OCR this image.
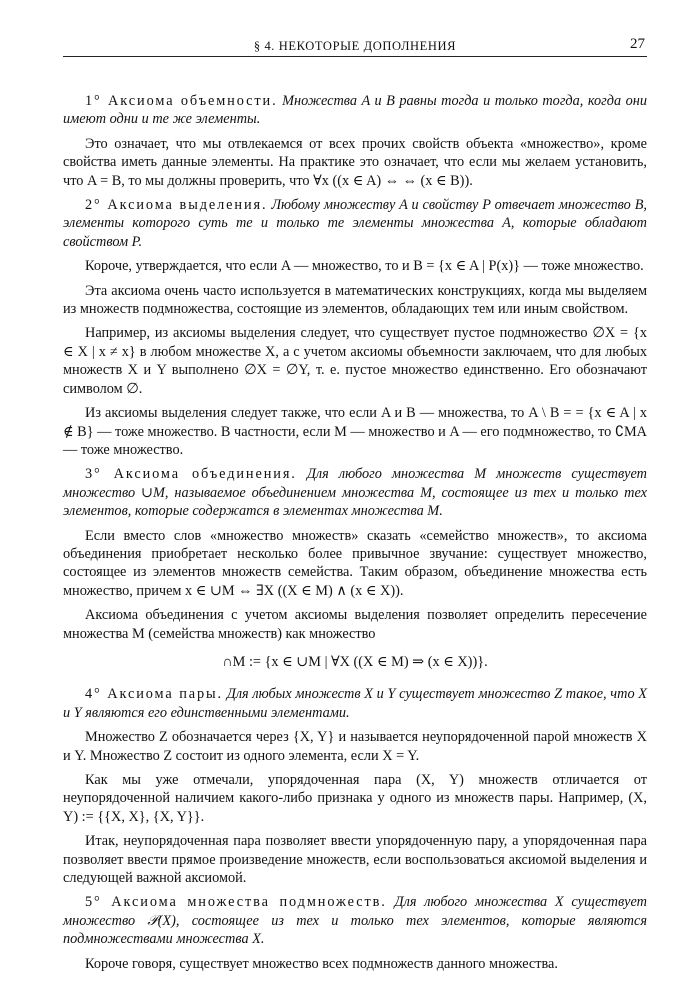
§ 4. НЕКОТОРЫЕ ДОПОЛНЕНИЯ	27

1° Аксиома объемности. Множества A и B равны тогда и только тогда, когда они имеют одни и те же элементы.

Это означает, что мы отвлекаемся от всех прочих свойств объекта «множество», кроме свойства иметь данные элементы. На практике это означает, что если мы желаем установить, что A = B, то мы должны проверить, что ∀x ((x ∈ A) ⇔ ⇔ (x ∈ B)).

2° Аксиома выделения. Любому множеству A и свойству P отвечает множество B, элементы которого суть те и только те элементы множества A, которые обладают свойством P.

Короче, утверждается, что если A — множество, то и B = {x ∈ A | P(x)} — тоже множество.

Эта аксиома очень часто используется в математических конструкциях, когда мы выделяем из множеств подмножества, состоящие из элементов, обладающих тем или иным свойством.

Например, из аксиомы выделения следует, что существует пустое подмножество ∅X = {x ∈ X | x ≠ x} в любом множестве X, а с учетом аксиомы объемности заключаем, что для любых множеств X и Y выполнено ∅X = ∅Y, т. е. пустое множество единственно. Его обозначают символом ∅.

Из аксиомы выделения следует также, что если A и B — множества, то A \ B = = {x ∈ A | x ∉ B} — тоже множество. В частности, если M — множество и A — его подмножество, то ∁MA — тоже множество.

3° Аксиома объединения. Для любого множества M множеств существует множество ∪M, называемое объединением множества M, состоящее из тех и только тех элементов, которые содержатся в элементах множества M.

Если вместо слов «множество множеств» сказать «семейство множеств», то аксиома объединения приобретает несколько более привычное звучание: существует множество, состоящее из элементов множеств семейства. Таким образом, объединение множества есть множество, причем x ∈ ∪M ⇔ ∃X ((X ∈ M) ∧ (x ∈ X)).

Аксиома объединения с учетом аксиомы выделения позволяет определить пересечение множества M (семейства множеств) как множество

∩M := {x ∈ ∪M | ∀X ((X ∈ M) ⇒ (x ∈ X))}.

4° Аксиома пары. Для любых множеств X и Y существует множество Z такое, что X и Y являются его единственными элементами.

Множество Z обозначается через {X, Y} и называется неупорядоченной парой множеств X и Y. Множество Z состоит из одного элемента, если X = Y.

Как мы уже отмечали, упорядоченная пара (X, Y) множеств отличается от неупорядоченной наличием какого-либо признака у одного из множеств пары. Например, (X, Y) := {{X, X}, {X, Y}}.

Итак, неупорядоченная пара позволяет ввести упорядоченную пару, а упорядоченная пара позволяет ввести прямое произведение множеств, если воспользоваться аксиомой выделения и следующей важной аксиомой.

5° Аксиома множества подмножеств. Для любого множества X существует множество 𝒫(X), состоящее из тех и только тех элементов, которые являются подмножествами множества X.

Короче говоря, существует множество всех подмножеств данного множества.
